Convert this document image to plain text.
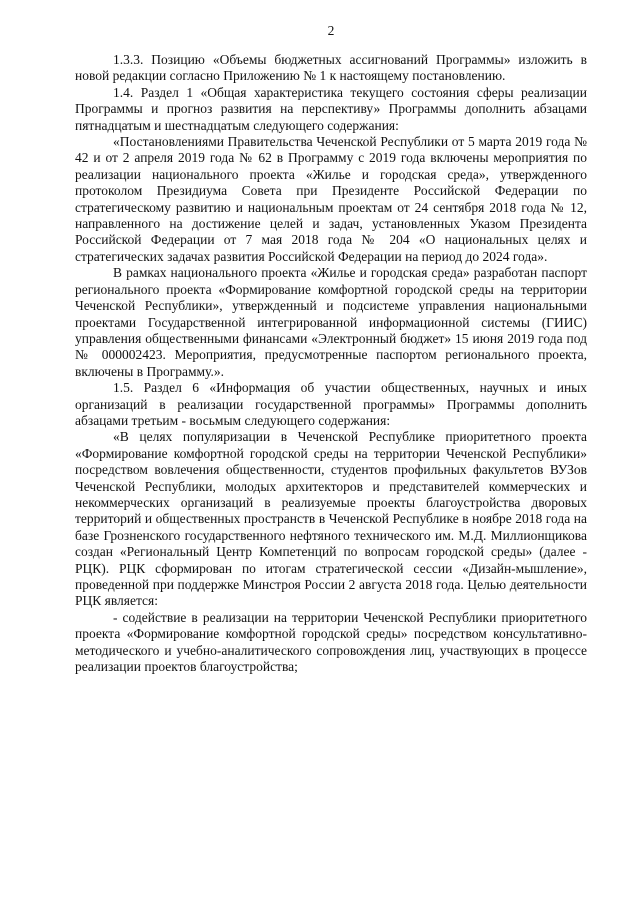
2

1.3.3. Позицию «Объемы бюджетных ассигнований Программы» изложить в новой редакции согласно Приложению № 1 к настоящему постановлению.

1.4. Раздел 1 «Общая характеристика текущего состояния сферы реализации Программы и прогноз развития на перспективу» Программы дополнить абзацами пятнадцатым и шестнадцатым следующего содержания:

«Постановлениями Правительства Чеченской Республики от 5 марта 2019 года № 42 и от 2 апреля 2019 года № 62 в Программу с 2019 года включены мероприятия по реализации национального проекта «Жилье и городская среда», утвержденного протоколом Президиума Совета при Президенте Российской Федерации по стратегическому развитию и национальным проектам от 24 сентября 2018 года № 12, направленного на достижение целей и задач, установленных Указом Президента Российской Федерации от 7 мая 2018 года № 204 «О национальных целях и стратегических задачах развития Российской Федерации на период до 2024 года».

В рамках национального проекта «Жилье и городская среда» разработан паспорт регионального проекта «Формирование комфортной городской среды на территории Чеченской Республики», утвержденный и подсистеме управления национальными проектами Государственной интегрированной информационной системы (ГИИС) управления общественными финансами «Электронный бюджет» 15 июня 2019 года под № 000002423. Мероприятия, предусмотренные паспортом регионального проекта, включены в Программу.».

1.5. Раздел 6 «Информация об участии общественных, научных и иных организаций в реализации государственной программы» Программы дополнить абзацами третьим - восьмым следующего содержания:

«В целях популяризации в Чеченской Республике приоритетного проекта «Формирование комфортной городской среды на территории Чеченской Республики» посредством вовлечения общественности, студентов профильных факультетов ВУЗов Чеченской Республики, молодых архитекторов и представителей коммерческих и некоммерческих организаций в реализуемые проекты благоустройства дворовых территорий и общественных пространств в Чеченской Республике в ноябре 2018 года на базе Грозненского государственного нефтяного технического им. М.Д. Миллионщикова создан «Региональный Центр Компетенций по вопросам городской среды» (далее - РЦК). РЦК сформирован по итогам стратегической сессии «Дизайн-мышление», проведенной при поддержке Минстроя России 2 августа 2018 года. Целью деятельности РЦК является:

- содействие в реализации на территории Чеченской Республики приоритетного проекта «Формирование комфортной городской среды» посредством консультативно-методического и учебно-аналитического сопровождения лиц, участвующих в процессе реализации проектов благоустройства;
